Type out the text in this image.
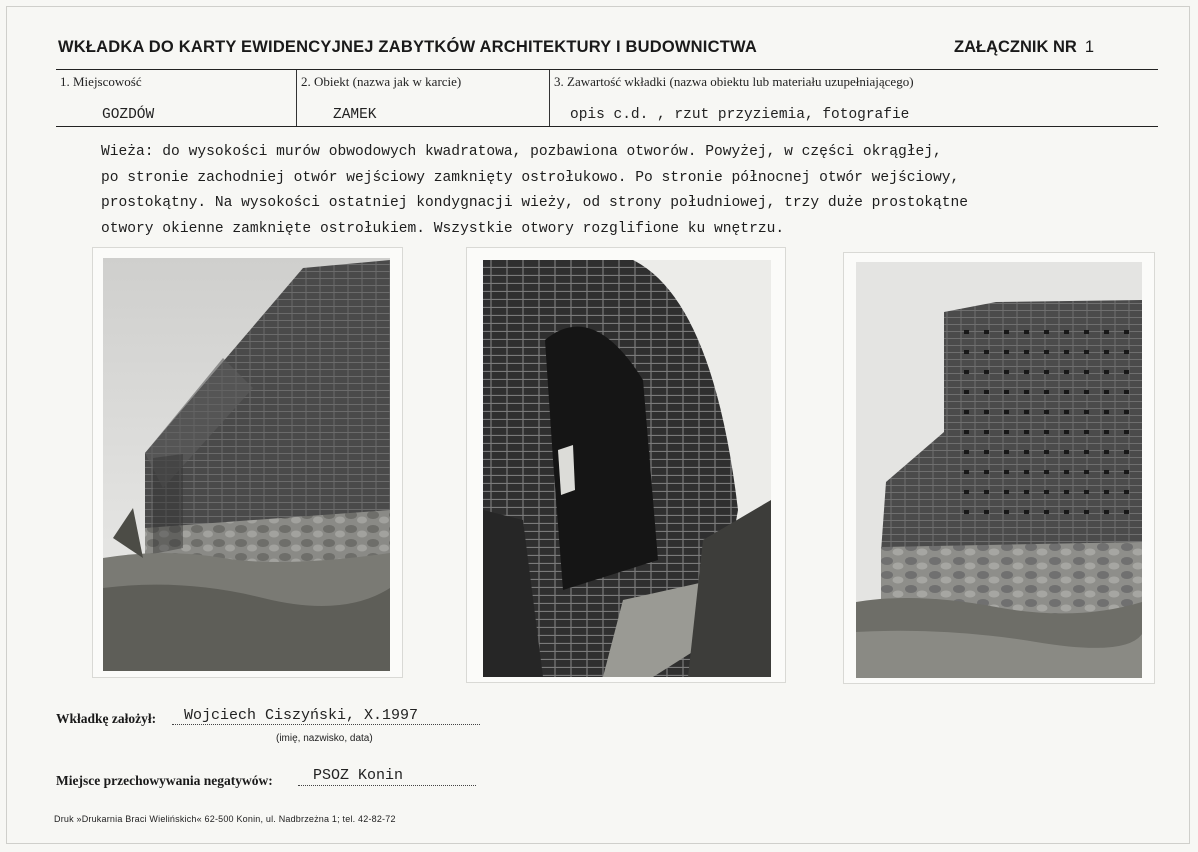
WKŁADKA DO KARTY EWIDENCYJNEJ ZABYTKÓW ARCHITEKTURY I BUDOWNICTWA	ZAŁĄCZNIK NR 1
1. Miejscowość
GOZDÓW
2. Obiekt (nazwa jak w karcie)
ZAMEK
3. Zawartość wkładki (nazwa obiektu lub materiału uzupełniającego)
opis c.d. , rzut przyziemia, fotografie
Wieża: do wysokości murów obwodowych kwadratowa, pozbawiona otworów. Powyżej, w części okrągłej,
po stronie zachodniej otwór wejściowy zamknięty ostrołukowo. Po stronie północnej otwór wejściowy,
prostokątny. Na wysokości ostatniej kondygnacji wieży, od strony południowej, trzy duże prostokątne
otwory okienne zamknięte ostrołukiem. Wszystkie otwory rozglifione ku wnętrzu.
Wkładkę założył: Wojciech Ciszyński, X.1997
(imię, nazwisko, data)
Miejsce przechowywania negatywów:	PSOZ Konin
Druk »Drukarnia Braci Wielińskich« 62-500 Konin, ul. Nadbrzeżna 1; tel. 42-82-72
